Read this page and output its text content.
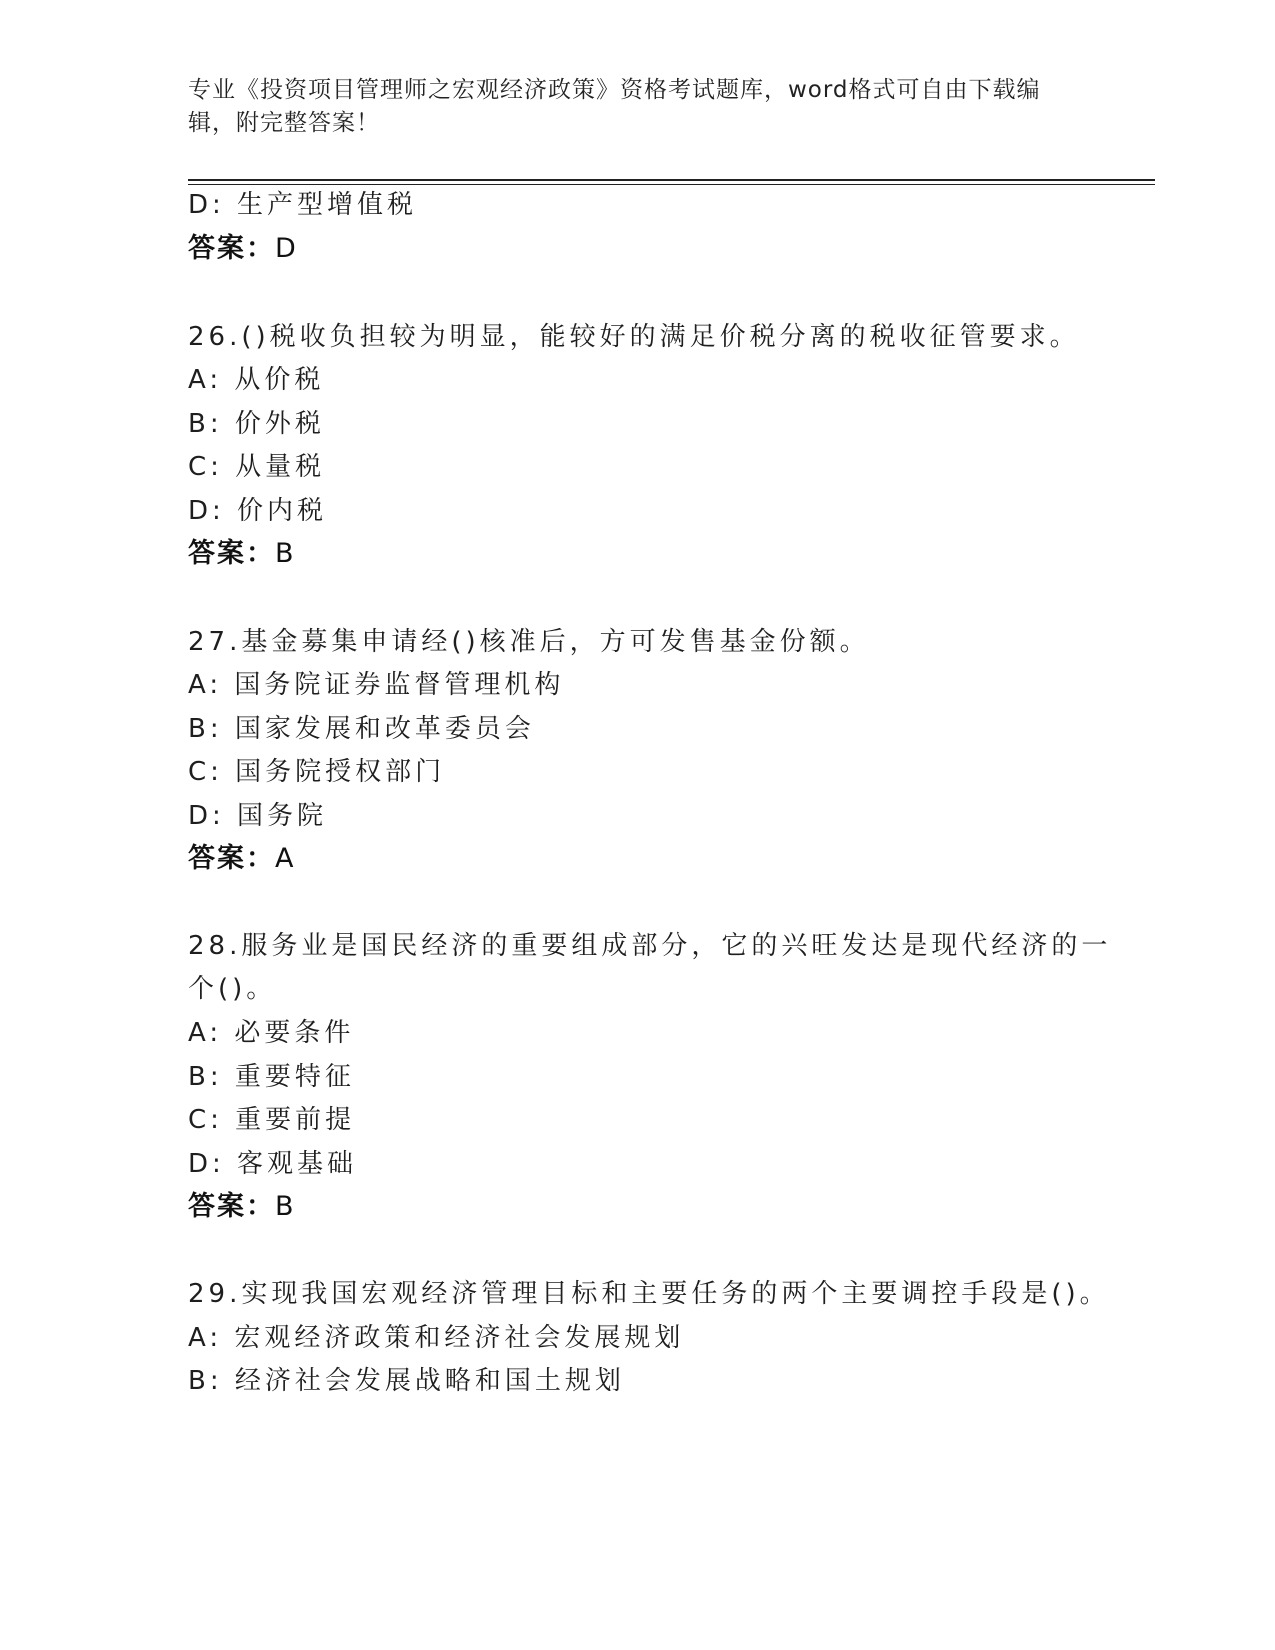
专业《投资项目管理师之宏观经济政策》资格考试题库，word格式可自由下载编
辑，附完整答案！
D: 生产型增值税
答案：D
26.()税收负担较为明显，能较好的满足价税分离的税收征管要求。
A: 从价税
B: 价外税
C: 从量税
D: 价内税
答案：B
27.基金募集申请经()核准后，方可发售基金份额。
A: 国务院证券监督管理机构
B: 国家发展和改革委员会
C: 国务院授权部门
D: 国务院
答案：A
28.服务业是国民经济的重要组成部分，它的兴旺发达是现代经济的一
个()。
A: 必要条件
B: 重要特征
C: 重要前提
D: 客观基础
答案：B
29.实现我国宏观经济管理目标和主要任务的两个主要调控手段是()。
A: 宏观经济政策和经济社会发展规划
B: 经济社会发展战略和国土规划
